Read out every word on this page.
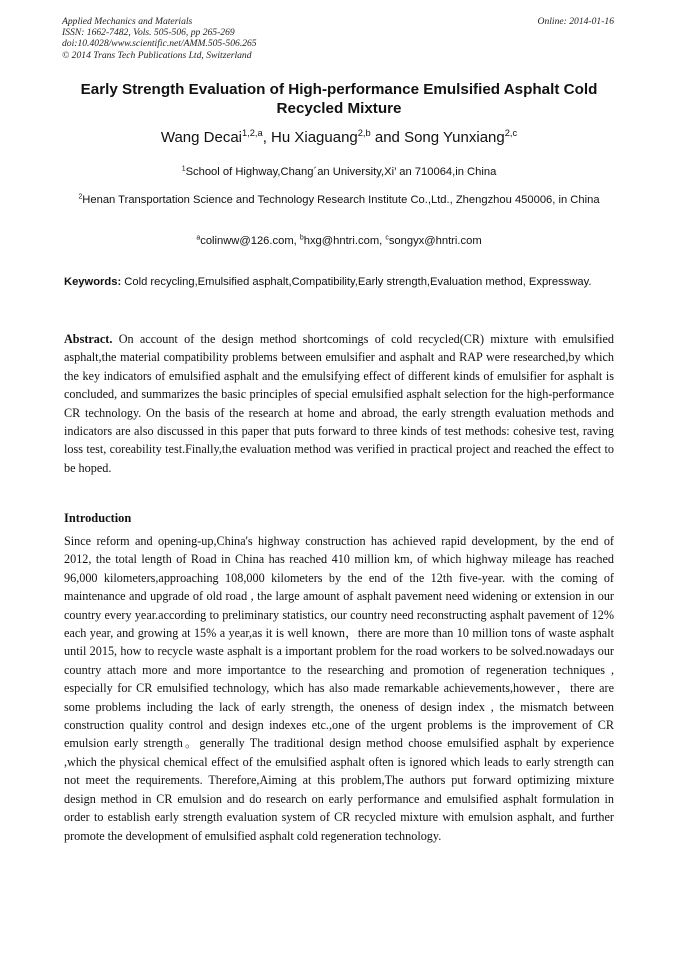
Applied Mechanics and Materials
ISSN: 1662-7482, Vols. 505-506, pp 265-269
doi:10.4028/www.scientific.net/AMM.505-506.265
© 2014 Trans Tech Publications Ltd, Switzerland
Online: 2014-01-16
Early Strength Evaluation of High-performance Emulsified Asphalt Cold Recycled Mixture
Wang Decai$^{1,2,a}$, Hu Xiaguang$^{2,b}$ and Song Yunxiang$^{2,c}$
$^1$School of Highway,Chang´an University,Xi’ an 710064,in China
$^2$Henan Transportation Science and Technology Research Institute Co.,Ltd., Zhengzhou 450006, in China
$^a$colinww@126.com, $^b$hxg@hntri.com, $^c$songyx@hntri.com
Keywords: Cold recycling,Emulsified asphalt,Compatibility,Early strength,Evaluation method, Expressway.
Abstract. On account of the design method shortcomings of cold recycled(CR) mixture with emulsified asphalt,the material compatibility problems between emulsifier and asphalt and RAP were researched,by which the key indicators of emulsified asphalt and the emulsifying effect of different kinds of emulsifier for asphalt is concluded, and summarizes the basic principles of special emulsified asphalt selection for the high-performance CR technology. On the basis of the research at home and abroad, the early strength evaluation methods and indicators are also discussed in this paper that puts forward to three kinds of test methods: cohesive test, raving loss test, coreability test.Finally,the evaluation method was verified in practical project and reached the effect to be hoped.
Introduction
Since reform and opening-up,China's highway construction has achieved rapid development, by the end of 2012, the total length of Road in China has reached 410 million km, of which highway mileage has reached 96,000 kilometers,approaching 108,000 kilometers by the end of the 12th five-year. with the coming of maintenance and upgrade of old road , the large amount of asphalt pavement need widening or extension in our country every year.according to preliminary statistics, our country need reconstructing asphalt pavement of 12% each year, and growing at 15% a year,as it is well known，there are more than 10 million tons of waste asphalt until 2015, how to recycle waste asphalt is a important problem for the road workers to be solved.nowadays our country attach more and more importantce to the researching and promotion of regeneration techniques , especially for CR emulsified technology, which has also made remarkable achievements,however，there are some problems including the lack of early strength, the oneness of design index , the mismatch between construction quality control and design indexes etc.,one of the urgent problems is the improvement of CR emulsion early strength。generally The traditional design method choose emulsified asphalt by experience ,which the physical chemical effect of the emulsified asphalt often is ignored which leads to early strength can not meet the requirements. Therefore,Aiming at this problem,The authors put forward optimizing mixture design method in CR emulsion and do research on early performance and emulsified asphalt formulation in order to establish early strength evaluation system of CR recycled mixture with emulsion asphalt, and further promote the development of emulsified asphalt cold regeneration technology.
